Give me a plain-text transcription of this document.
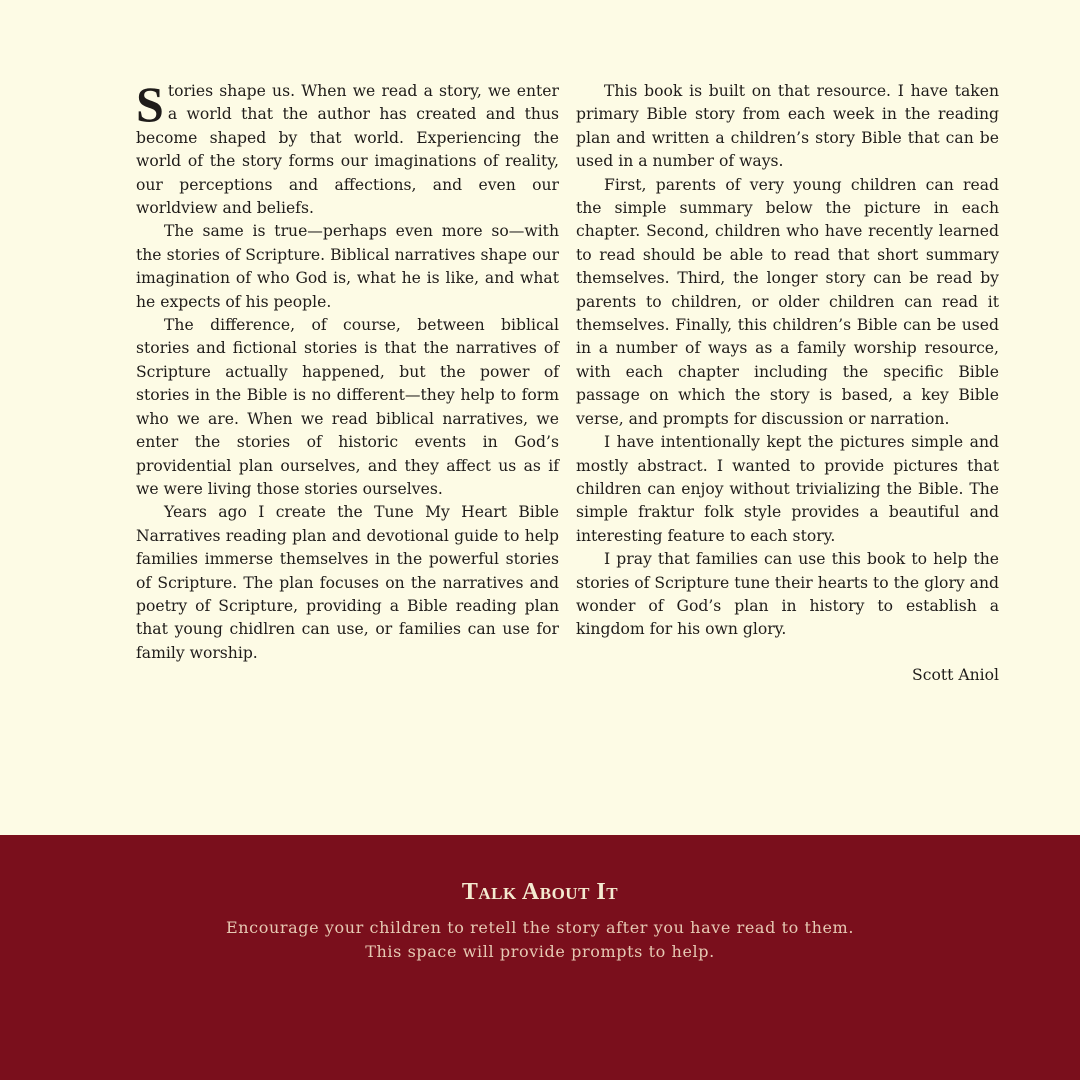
Stories shape us. When we read a story, we enter a world that the author has created and thus become shaped by that world. Experiencing the world of the story forms our imaginations of reality, our perceptions and affections, and even our worldview and beliefs.

The same is true—perhaps even more so—with the stories of Scripture. Biblical narratives shape our imagination of who God is, what he is like, and what he expects of his people.

The difference, of course, between biblical stories and fictional stories is that the narratives of Scripture actually happened, but the power of stories in the Bible is no different—they help to form who we are. When we read biblical narratives, we enter the stories of historic events in God’s providential plan ourselves, and they affect us as if we were living those stories ourselves.

Years ago I create the Tune My Heart Bible Narratives reading plan and devotional guide to help families immerse themselves in the powerful stories of Scripture. The plan focuses on the narratives and poetry of Scripture, providing a Bible reading plan that young chidlren can use, or families can use for family worship.

This book is built on that resource. I have taken primary Bible story from each week in the reading plan and written a children’s story Bible that can be used in a number of ways.

First, parents of very young children can read the simple summary below the picture in each chapter. Second, children who have recently learned to read should be able to read that short summary themselves. Third, the longer story can be read by parents to children, or older children can read it themselves. Finally, this children’s Bible can be used in a number of ways as a family worship resource, with each chapter including the specific Bible passage on which the story is based, a key Bible verse, and prompts for discussion or narration.

I have intentionally kept the pictures simple and mostly abstract. I wanted to provide pictures that children can enjoy without trivializing the Bible. The simple fraktur folk style provides a beautiful and interesting feature to each story.

I pray that families can use this book to help the stories of Scripture tune their hearts to the glory and wonder of God’s plan in history to establish a kingdom for his own glory.

Scott Aniol
Talk About It

Encourage your children to retell the story after you have read to them.
This space will provide prompts to help.
